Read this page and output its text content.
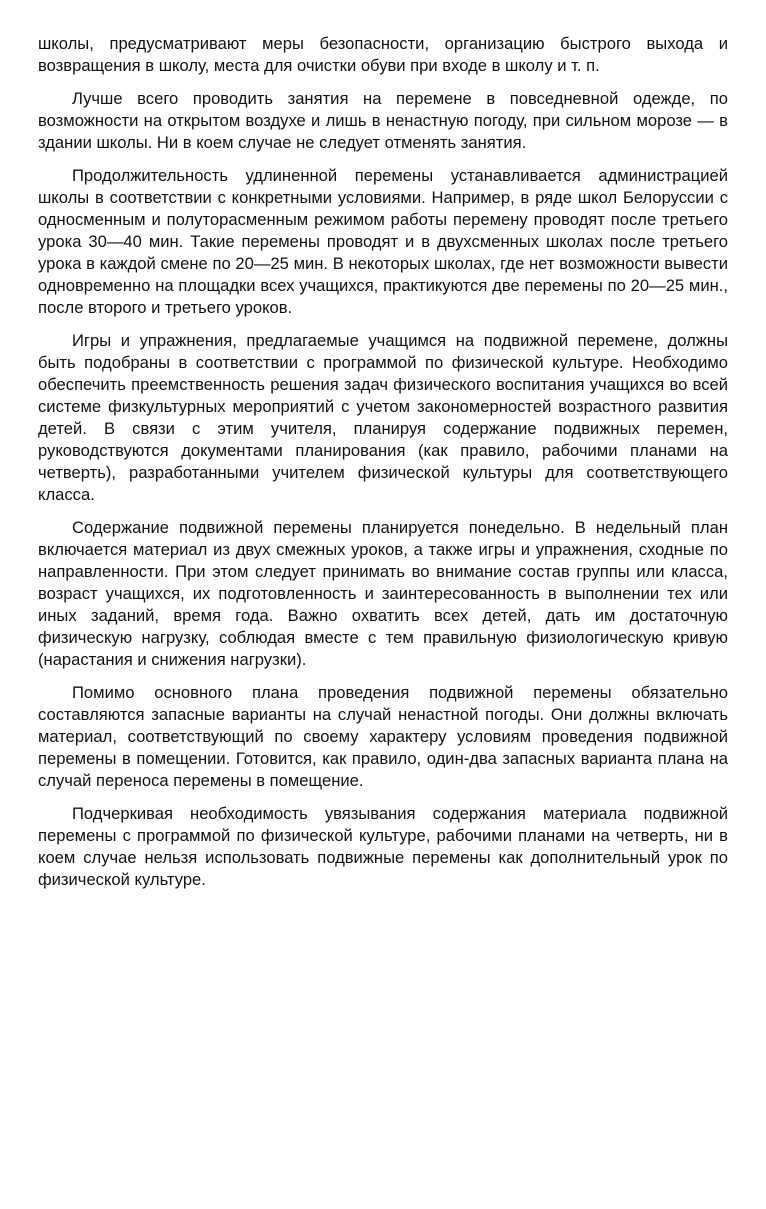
школы, предусматривают меры безопасности, организацию быстрого выхода и возвращения в школу, места для очистки обуви при входе в школу и т. п.

Лучше всего проводить занятия на перемене в повседневной одежде, по возможности на открытом воздухе и лишь в ненастную погоду, при сильном морозе — в здании школы. Ни в коем случае не следует отменять занятия.

Продолжительность удлиненной перемены устанавливается администрацией школы в соответствии с конкретными условиями. Например, в ряде школ Белоруссии с односменным и полуторасменным режимом работы перемену проводят после третьего урока 30—40 мин. Такие перемены проводят и в двухсменных школах после третьего урока в каждой смене по 20—25 мин. В некоторых школах, где нет возможности вывести одновременно на площадки всех учащихся, практикуются две перемены по 20—25 мин., после второго и третьего уроков.

Игры и упражнения, предлагаемые учащимся на подвижной перемене, должны быть подобраны в соответствии с программой по физической культуре. Необходимо обеспечить преемственность решения задач физического воспитания учащихся во всей системе физкультурных мероприятий с учетом закономерностей возрастного развития детей. В связи с этим учителя, планируя содержание подвижных перемен, руководствуются документами планирования (как правило, рабочими планами на четверть), разработанными учителем физической культуры для соответствующего класса.

Содержание подвижной перемены планируется понедельно. В недельный план включается материал из двух смежных уроков, а также игры и упражнения, сходные по направленности. При этом следует принимать во внимание состав группы или класса, возраст учащихся, их подготовленность и заинтересованность в выполнении тех или иных заданий, время года. Важно охватить всех детей, дать им достаточную физическую нагрузку, соблюдая вместе с тем правильную физиологическую кривую (нарастания и снижения нагрузки).

Помимо основного плана проведения подвижной перемены обязательно составляются запасные варианты на случай ненастной погоды. Они должны включать материал, соответствующий по своему характеру условиям проведения подвижной перемены в помещении. Готовится, как правило, один-два запасных варианта плана на случай переноса перемены в помещение.

Подчеркивая необходимость увязывания содержания материала подвижной перемены с программой по физической культуре, рабочими планами на четверть, ни в коем случае нельзя использовать подвижные перемены как дополнительный урок по физической культуре.
